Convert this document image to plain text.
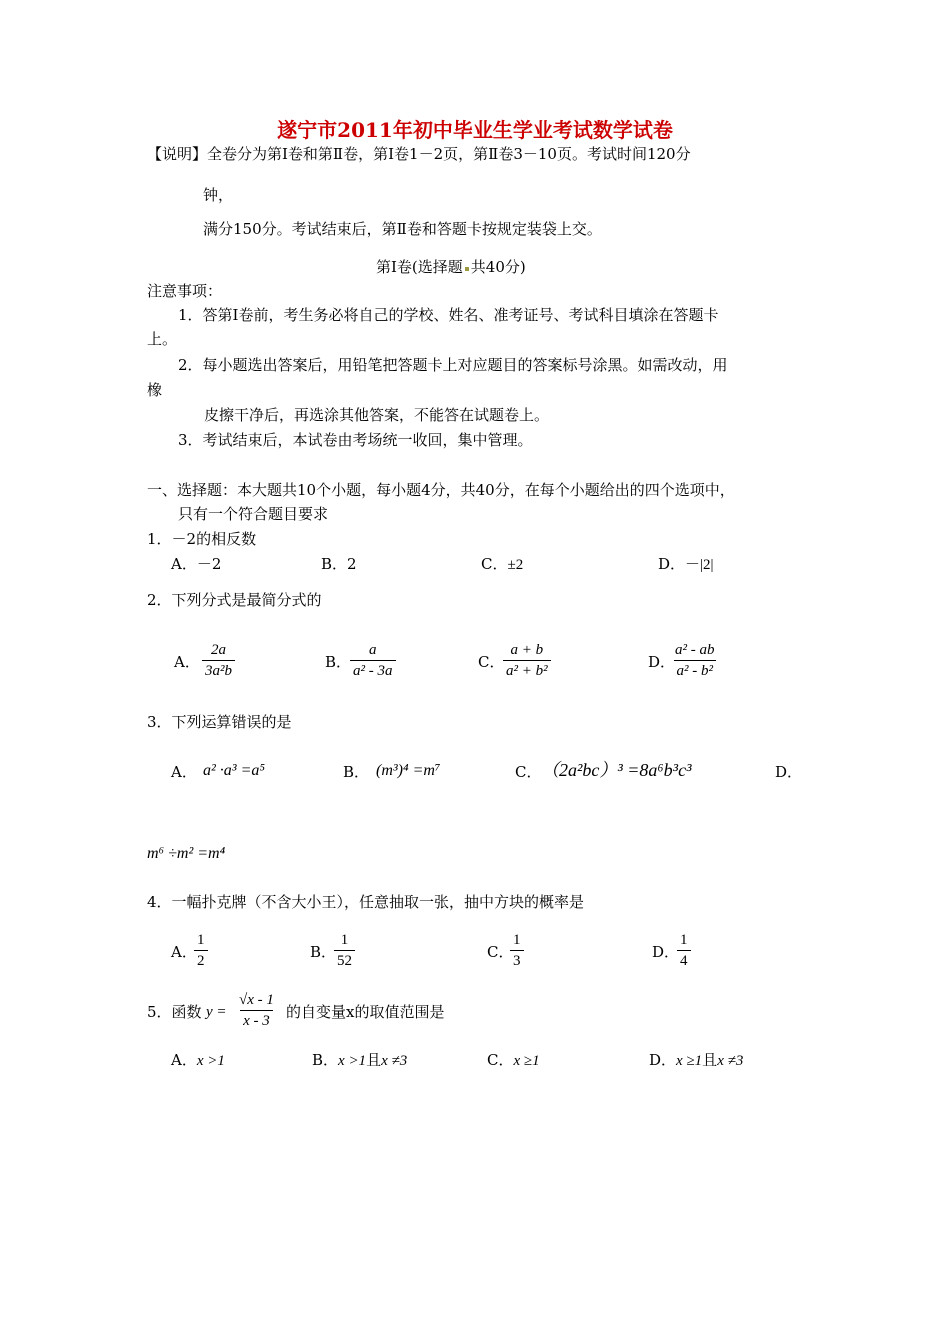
遂宁市2011年初中毕业生学业考试数学试卷
【说明】全卷分为第Ⅰ卷和第Ⅱ卷，第Ⅰ卷1－2页，第Ⅱ卷3－10页。考试时间120分
钟，
满分150分。考试结束后，第Ⅱ卷和答题卡按规定装袋上交。
第Ⅰ卷(选择题 共40分)
注意事项：
1．答第Ⅰ卷前，考生务必将自己的学校、姓名、准考证号、考试科目填涂在答题卡
上。
2．每小题选出答案后，用铅笔把答题卡上对应题目的答案标号涂黑。如需改动，用
橡
皮擦干净后，再选涂其他答案，不能答在试题卷上。
3．考试结束后，本试卷由考场统一收回，集中管理。
一、选择题：本大题共10个小题，每小题4分，共40分，在每个小题给出的四个选项中，
只有一个符合题目要求
1．－2的相反数
A．－2	B．2	C．±2	D．－|2|
2．下列分式是最简分式的
A． $\frac{2a}{\text{3a²b}}$	B．
$\frac{a}{\text{a² - 3a}}$	C．
$\frac{a + b}{\text{a² + b²}}$	D．
$\frac{\text{a² - ab}}{\text{a² - b²}}$
3．下列运算错误的是
A． a² ·a³ =a⁵	B． (m³)⁴ =m⁷	C． （2a²bc）³ =8a⁶b³c³	D．
m⁶ ÷m² =m⁴
4．一幅扑克牌（不含大小王），任意抽取一张，抽中方块的概率是
A．
$\frac{1}{2}$	B．
$\frac{1}{52}$	C．
$\frac{1}{3}$	D．
$\frac{1}{4}$
5．函数 $y = \frac{√x - 1}{x - 3}$ 的自变量x的取值范围是
A．x >1	B．x >1且x ≠3	C．x ≥1	D．x ≥1且x ≠3
